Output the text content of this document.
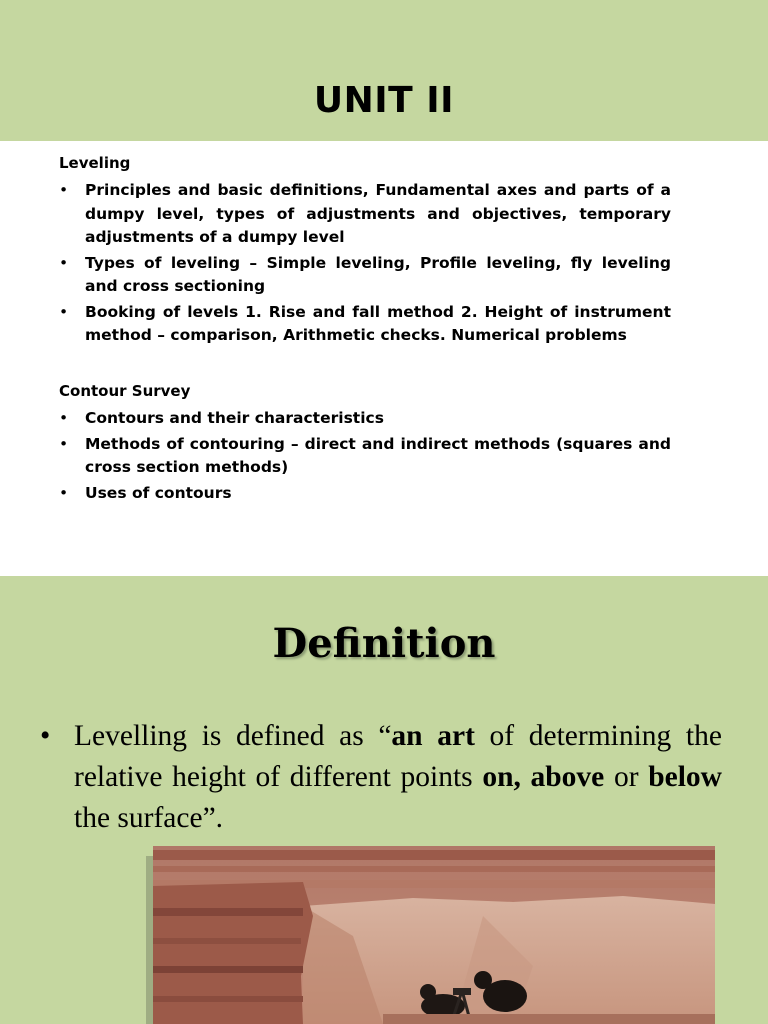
UNIT II
Leveling
• Principles and basic definitions, Fundamental axes and parts of a dumpy level, types of adjustments and objectives, temporary adjustments of a dumpy level
• Types of leveling – Simple leveling, Profile leveling, fly leveling and cross sectioning
• Booking of levels 1. Rise and fall method 2. Height of instrument method – comparison, Arithmetic checks. Numerical problems
Contour Survey
• Contours and their characteristics
• Methods of contouring – direct and indirect methods (squares and cross section methods)
• Uses of contours
Definition
• Levelling is defined as “an art of determining the relative height of different points on, above or below the surface”.
